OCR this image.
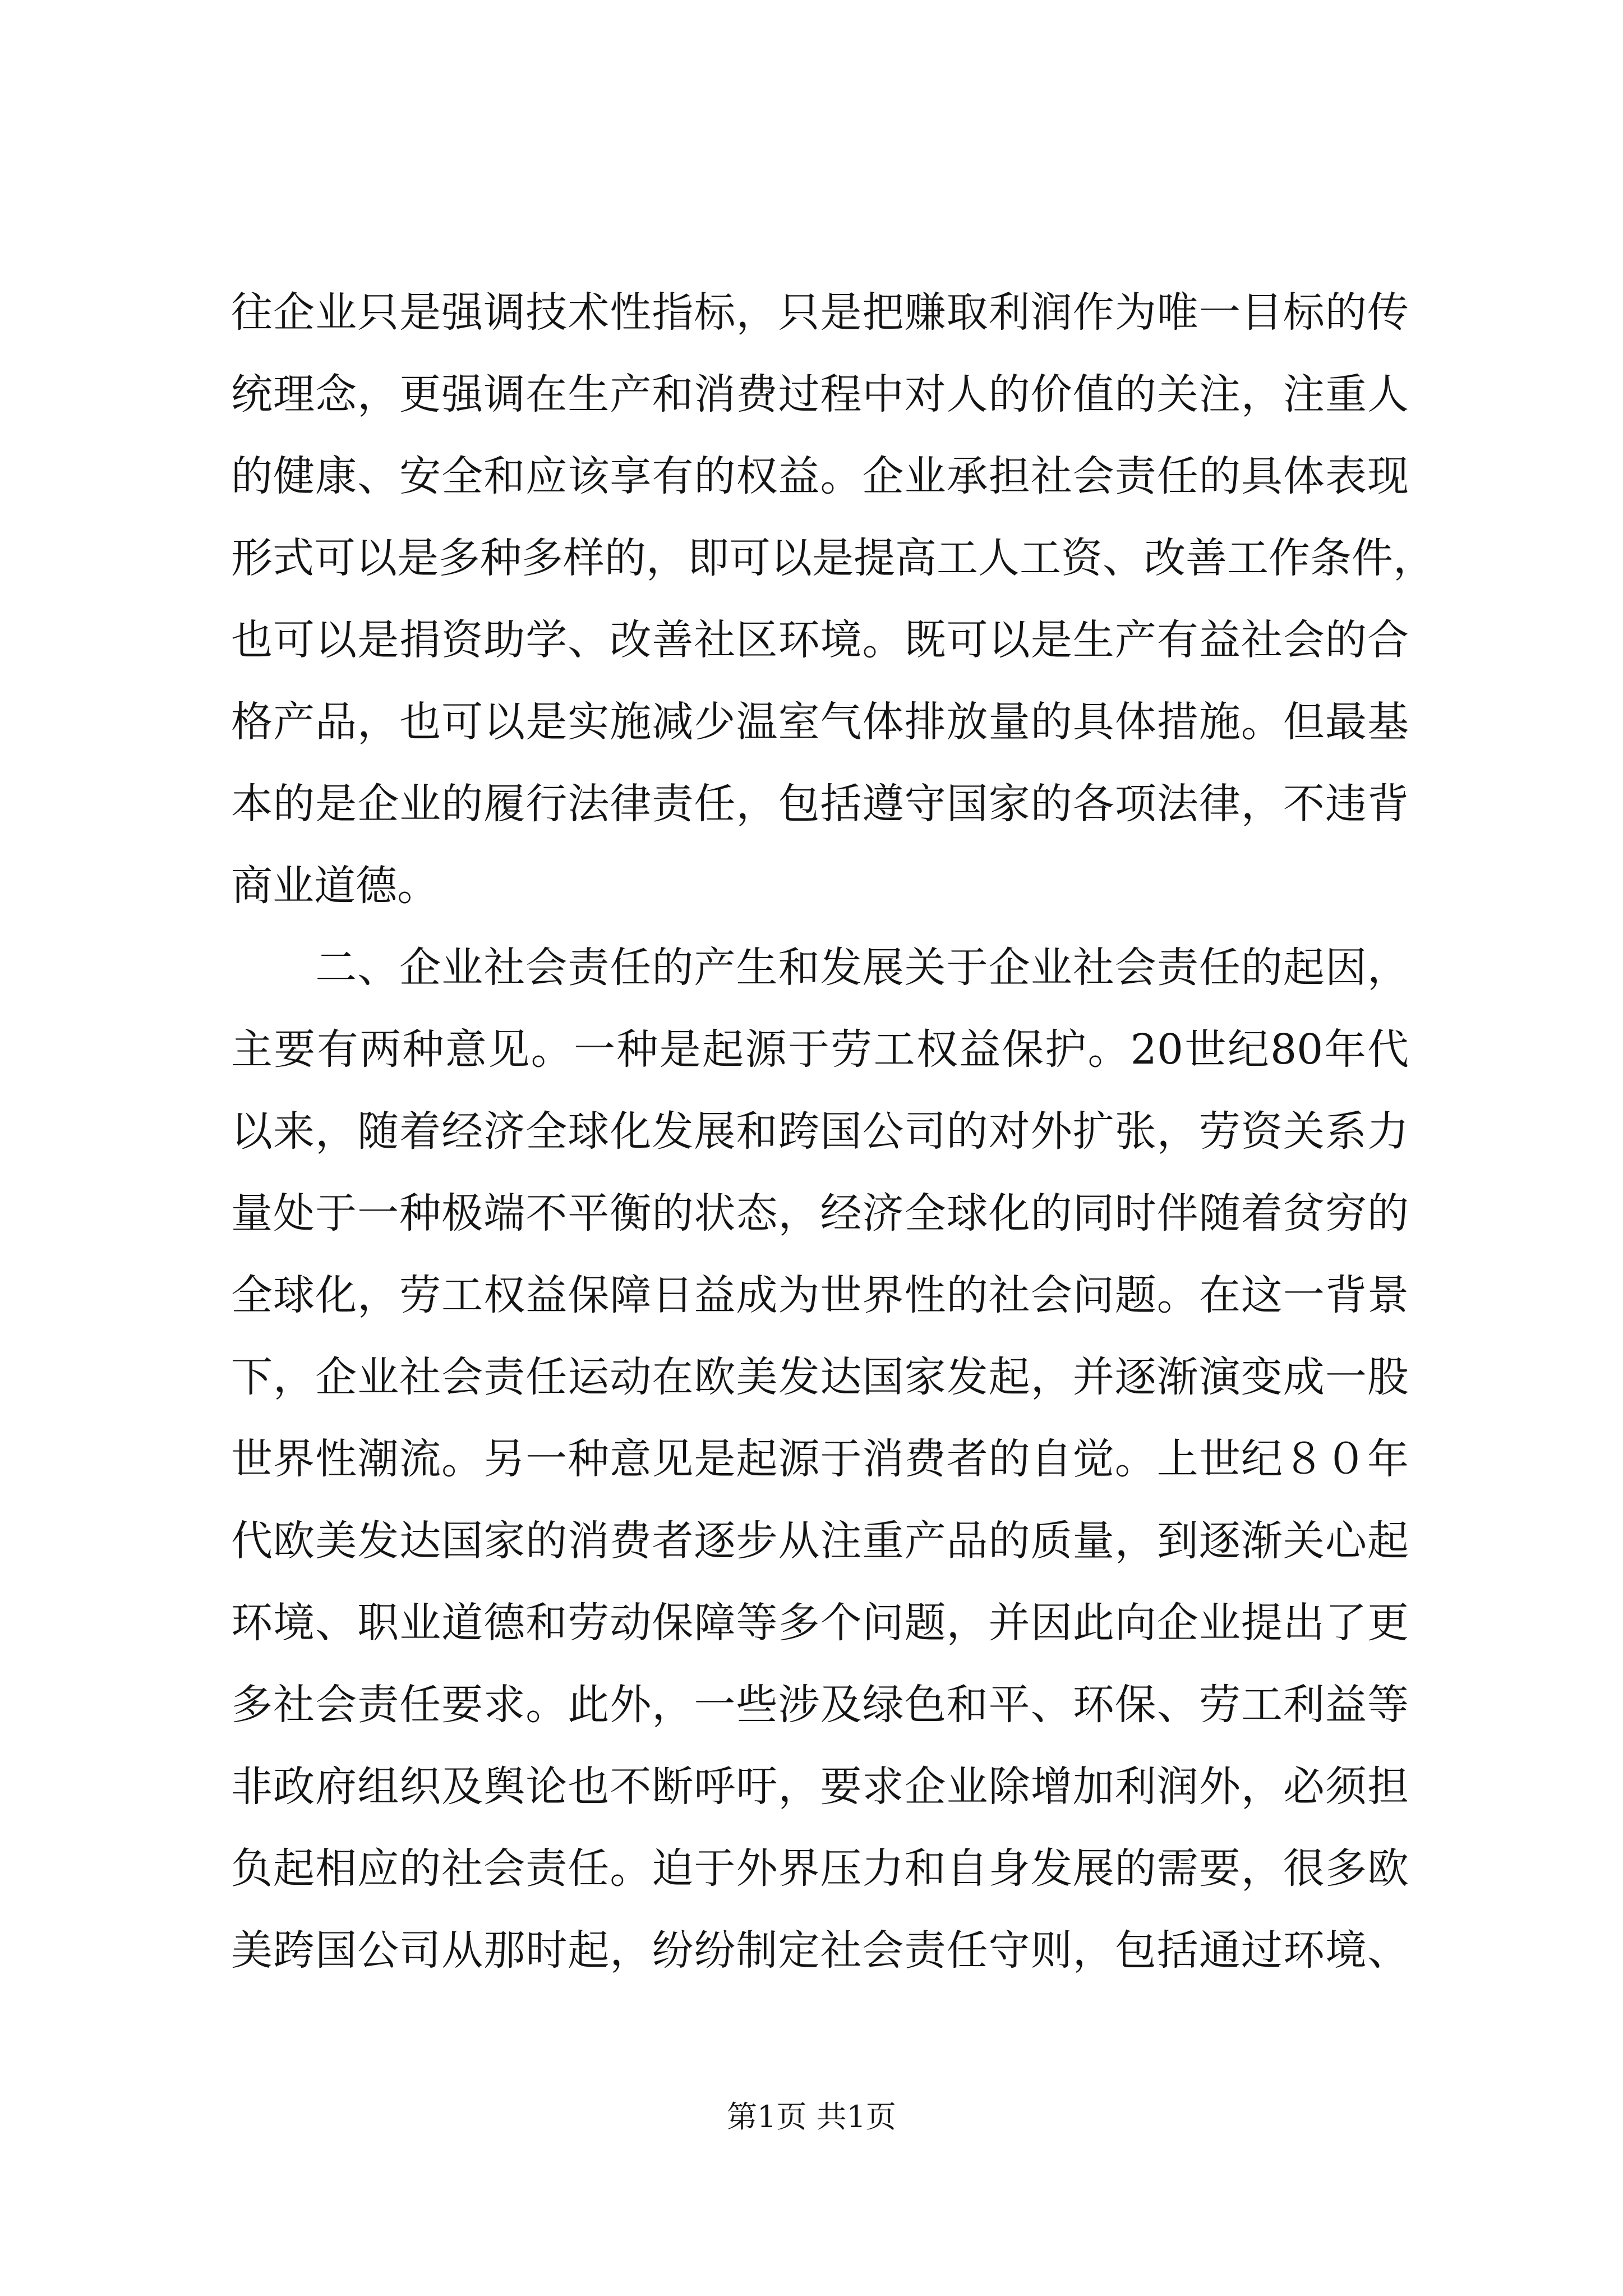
往企业只是强调技术性指标，只是把赚取利润作为唯一目标的传
统理念，更强调在生产和消费过程中对人的价值的关注，注重人
的健康、安全和应该享有的权益。企业承担社会责任的具体表现
形式可以是多种多样的，即可以是提高工人工资、改善工作条件，
也可以是捐资助学、改善社区环境。既可以是生产有益社会的合
格产品，也可以是实施减少温室气体排放量的具体措施。但最基
本的是企业的履行法律责任，包括遵守国家的各项法律，不违背
商业道德。
　　二、企业社会责任的产生和发展关于企业社会责任的起因，
主要有两种意见。一种是起源于劳工权益保护。20世纪80年代
以来，随着经济全球化发展和跨国公司的对外扩张，劳资关系力
量处于一种极端不平衡的状态，经济全球化的同时伴随着贫穷的
全球化，劳工权益保障日益成为世界性的社会问题。在这一背景
下，企业社会责任运动在欧美发达国家发起，并逐渐演变成一股
世界性潮流。另一种意见是起源于消费者的自觉。上世纪８０年
代欧美发达国家的消费者逐步从注重产品的质量，到逐渐关心起
环境、职业道德和劳动保障等多个问题，并因此向企业提出了更
多社会责任要求。此外，一些涉及绿色和平、环保、劳工利益等
非政府组织及舆论也不断呼吁，要求企业除增加利润外，必须担
负起相应的社会责任。迫于外界压力和自身发展的需要，很多欧
美跨国公司从那时起，纷纷制定社会责任守则，包括通过环境、
第1页 共1页
